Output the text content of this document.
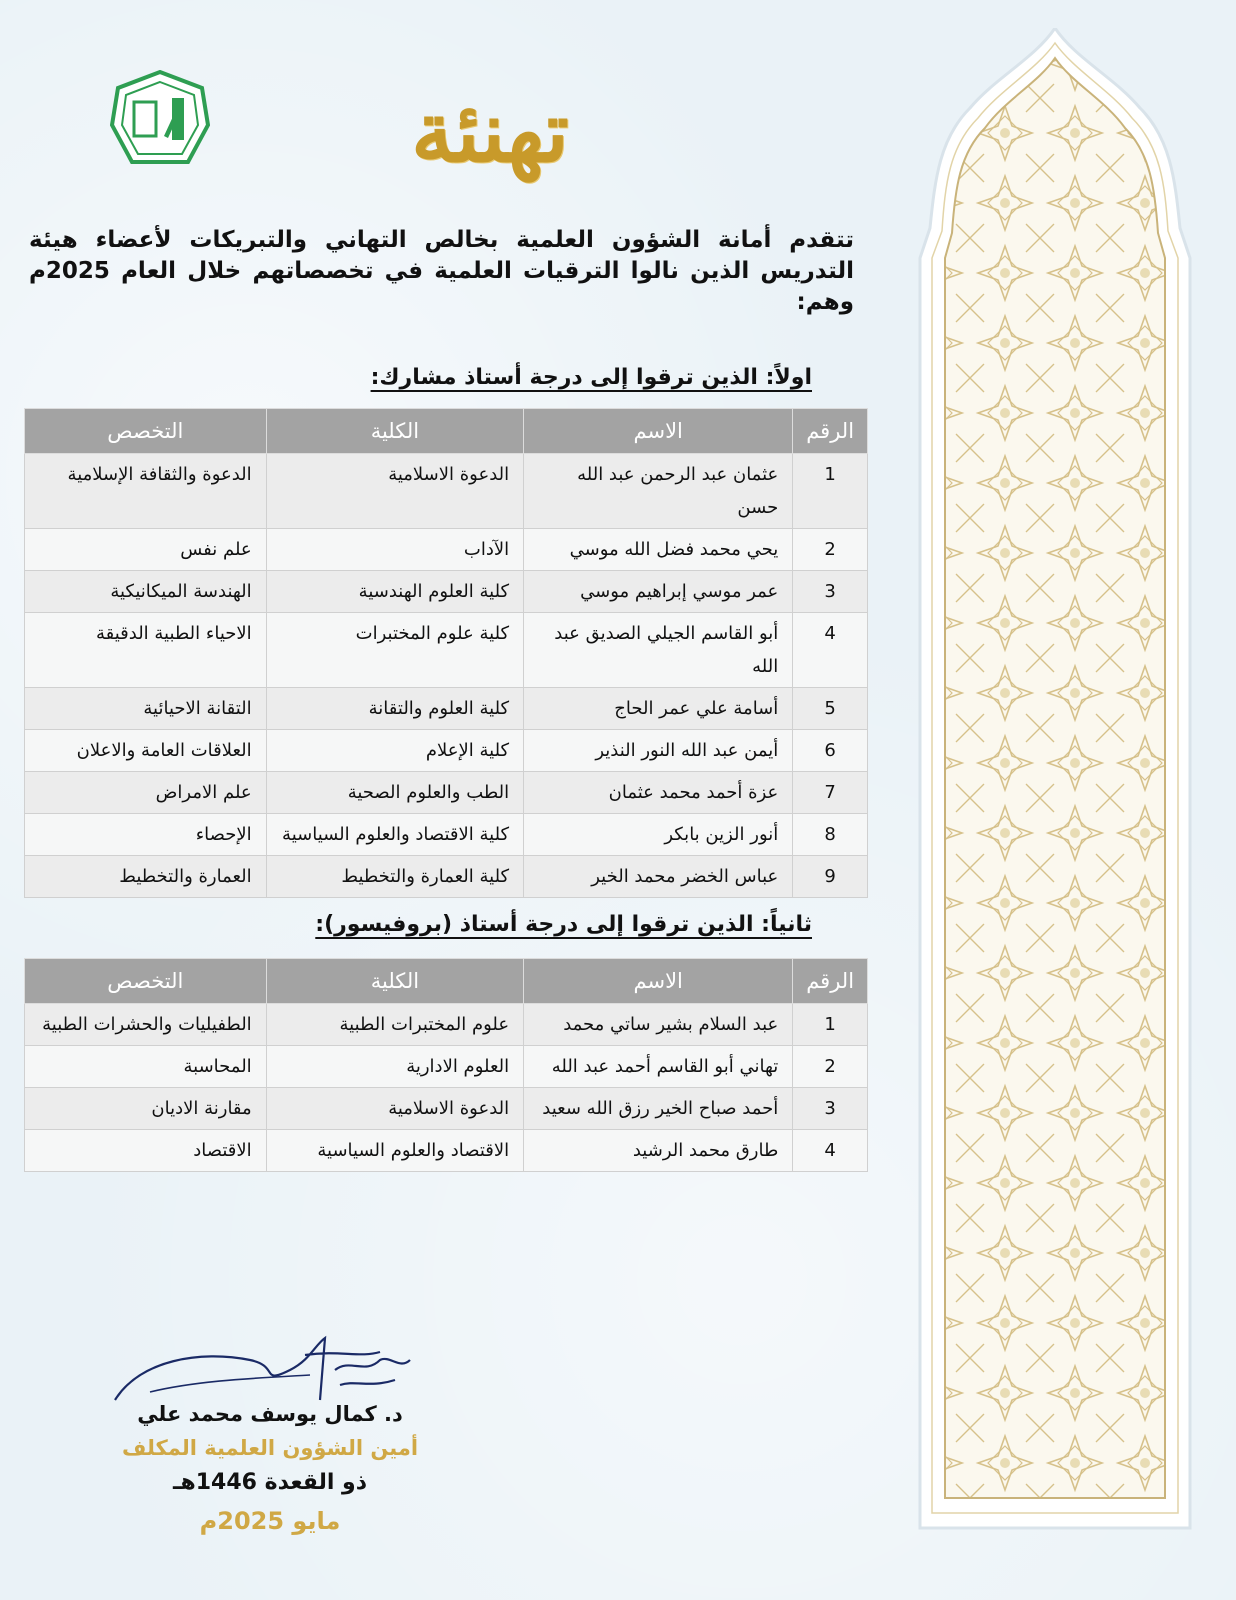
تهنئة
تتقدم أمانة الشؤون العلمية بخالص التهاني والتبريكات لأعضاء هيئة التدريس الذين نالوا الترقيات العلمية في تخصصاتهم خلال العام 2025م وهم:
اولاً: الذين ترقوا إلى درجة أستاذ مشارك:
الرقم	الاسم	الكلية	التخصص
1	عثمان عبد الرحمن عبد الله حسن	الدعوة الاسلامية	الدعوة والثقافة الإسلامية
2	يحي محمد فضل الله موسي	الآداب	علم نفس
3	عمر موسي إبراهيم موسي	كلية العلوم الهندسية	الهندسة الميكانيكية
4	أبو القاسم الجيلي الصديق عبد الله	كلية علوم المختبرات	الاحياء الطبية الدقيقة
5	أسامة علي عمر الحاج	كلية العلوم والتقانة	التقانة الاحيائية
6	أيمن عبد الله النور النذير	كلية الإعلام	العلاقات العامة والاعلان
7	عزة أحمد محمد عثمان	الطب والعلوم الصحية	علم الامراض
8	أنور الزين بابكر	كلية الاقتصاد والعلوم السياسية	الإحصاء
9	عباس الخضر محمد الخير	كلية العمارة والتخطيط	العمارة والتخطيط
ثانياً: الذين ترقوا إلى درجة أستاذ (بروفيسور):
الرقم	الاسم	الكلية	التخصص
1	عبد السلام بشير ساتي محمد	علوم المختبرات الطبية	الطفيليات والحشرات الطبية
2	تهاني أبو القاسم أحمد عبد الله	العلوم الادارية	المحاسبة
3	أحمد صباح الخير رزق الله سعيد	الدعوة الاسلامية	مقارنة الاديان
4	طارق محمد الرشيد	الاقتصاد والعلوم السياسية	الاقتصاد
د. كمال يوسف محمد علي
أمين الشؤون العلمية المكلف
ذو القعدة 1446هـ
مايو 2025م
